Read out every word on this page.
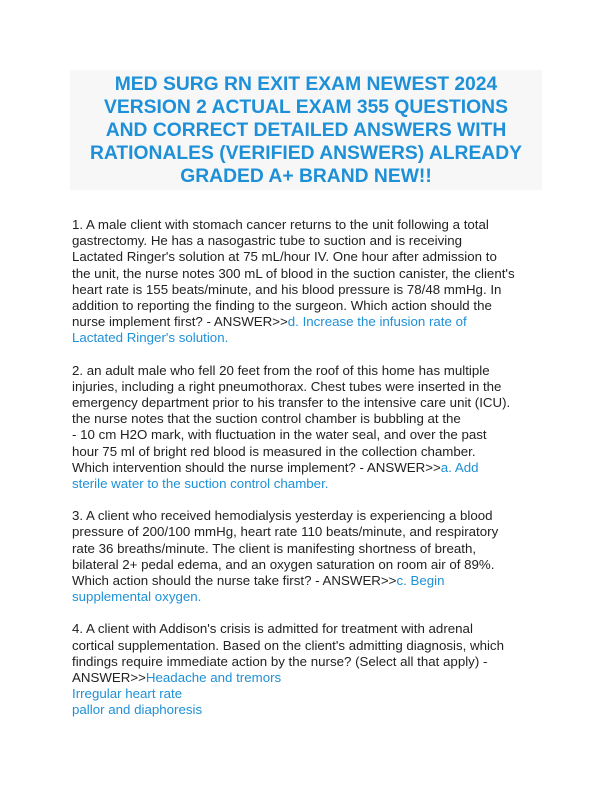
MED SURG RN EXIT EXAM NEWEST 2024
VERSION 2 ACTUAL EXAM 355 QUESTIONS
AND CORRECT DETAILED ANSWERS WITH
RATIONALES (VERIFIED ANSWERS) ALREADY
GRADED A+ BRAND NEW!!
1. A male client with stomach cancer returns to the unit following a total
gastrectomy. He has a nasogastric tube to suction and is receiving
Lactated Ringer's solution at 75 mL/hour IV. One hour after admission to
the unit, the nurse notes 300 mL of blood in the suction canister, the client's
heart rate is 155 beats/minute, and his blood pressure is 78/48 mmHg. In
addition to reporting the finding to the surgeon. Which action should the
nurse implement first? - ANSWER>>d. Increase the infusion rate of
Lactated Ringer's solution.
2. an adult male who fell 20 feet from the roof of this home has multiple
injuries, including a right pneumothorax. Chest tubes were inserted in the
emergency department prior to his transfer to the intensive care unit (ICU).
the nurse notes that the suction control chamber is bubbling at the
- 10 cm H2O mark, with fluctuation in the water seal, and over the past
hour 75 ml of bright red blood is measured in the collection chamber.
Which intervention should the nurse implement? - ANSWER>>a. Add
sterile water to the suction control chamber.
3. A client who received hemodialysis yesterday is experiencing a blood
pressure of 200/100 mmHg, heart rate 110 beats/minute, and respiratory
rate 36 breaths/minute. The client is manifesting shortness of breath,
bilateral 2+ pedal edema, and an oxygen saturation on room air of 89%.
Which action should the nurse take first? - ANSWER>>c. Begin
supplemental oxygen.
4. A client with Addison's crisis is admitted for treatment with adrenal
cortical supplementation. Based on the client's admitting diagnosis, which
findings require immediate action by the nurse? (Select all that apply) -
ANSWER>>Headache and tremors
Irregular heart rate
pallor and diaphoresis
